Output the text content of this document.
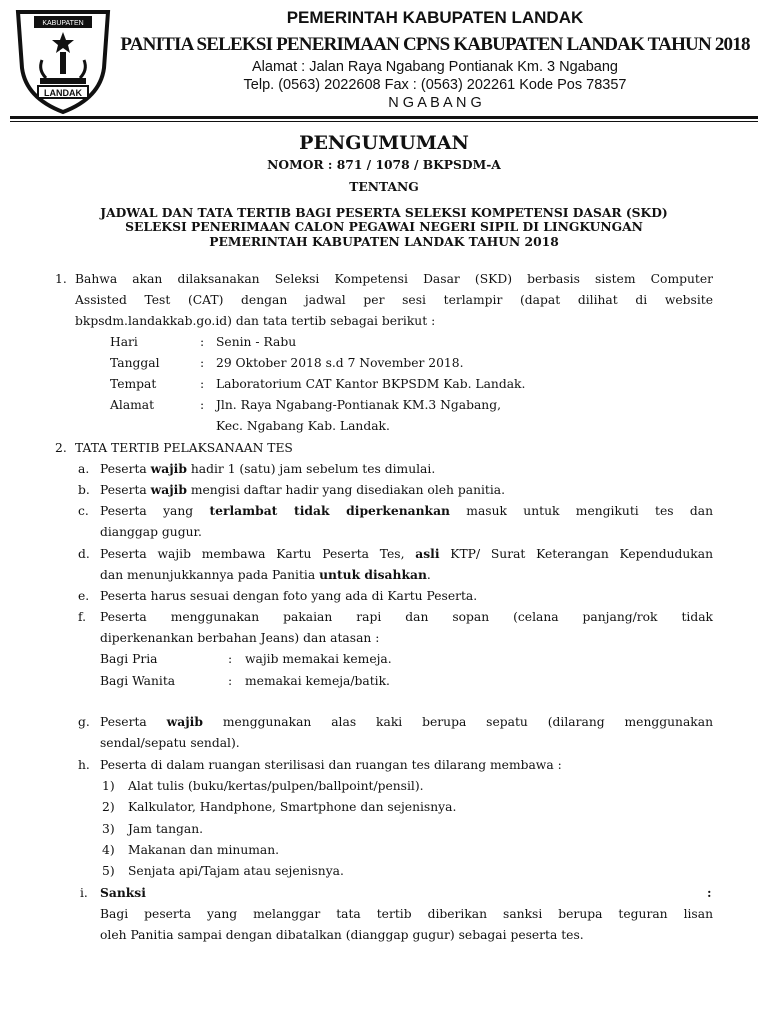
KABUPATEN
LANDAK
PEMERINTAH KABUPATEN LANDAK
PANITIA SELEKSI PENERIMAAN CPNS KABUPATEN LANDAK TAHUN 2018
Alamat : Jalan Raya Ngabang Pontianak Km. 3 Ngabang
Telp. (0563) 2022608 Fax : (0563) 202261 Kode Pos 78357
N G A B A N G
PENGUMUMAN
NOMOR : 871 / 1078 / BKPSDM-A
TENTANG
JADWAL DAN TATA TERTIB BAGI PESERTA SELEKSI KOMPETENSI DASAR (SKD)
SELEKSI PENERIMAAN CALON PEGAWAI NEGERI SIPIL DI LINGKUNGAN
PEMERINTAH KABUPATEN LANDAK TAHUN 2018
1. Bahwa akan dilaksanakan Seleksi Kompetensi Dasar (SKD) berbasis sistem Computer
Assisted Test (CAT) dengan jadwal per sesi terlampir (dapat dilihat di website
bkpsdm.landakkab.go.id) dan tata tertib sebagai berikut :
Hari	: Senin - Rabu
Tanggal	: 29 Oktober 2018 s.d 7 November 2018.
Tempat	: Laboratorium CAT Kantor BKPSDM Kab. Landak.
Alamat	: Jln. Raya Ngabang-Pontianak KM.3 Ngabang,
Kec. Ngabang Kab. Landak.
2. TATA TERTIB PELAKSANAAN TES
a. Peserta wajib hadir 1 (satu) jam sebelum tes dimulai.
b. Peserta wajib mengisi daftar hadir yang disediakan oleh panitia.
c. Peserta yang terlambat tidak diperkenankan masuk untuk mengikuti tes dan
dianggap gugur.
d. Peserta wajib membawa Kartu Peserta Tes, asli KTP/ Surat Keterangan Kependudukan
dan menunjukkannya pada Panitia untuk disahkan.
e. Peserta harus sesuai dengan foto yang ada di Kartu Peserta.
f. Peserta menggunakan pakaian rapi dan sopan (celana panjang/rok tidak
diperkenankan berbahan Jeans) dan atasan :
Bagi Pria	: wajib memakai kemeja.
Bagi Wanita	: memakai kemeja/batik.
g. Peserta wajib menggunakan alas kaki berupa sepatu (dilarang menggunakan
sendal/sepatu sendal).
h. Peserta di dalam ruangan sterilisasi dan ruangan tes dilarang membawa :
1) Alat tulis (buku/kertas/pulpen/ballpoint/pensil).
2) Kalkulator, Handphone, Smartphone dan sejenisnya.
3) Jam tangan.
4) Makanan dan minuman.
5) Senjata api/Tajam atau sejenisnya.
i. Sanksi	:
Bagi peserta yang melanggar tata tertib diberikan sanksi berupa teguran lisan
oleh Panitia sampai dengan dibatalkan (dianggap gugur) sebagai peserta tes.
